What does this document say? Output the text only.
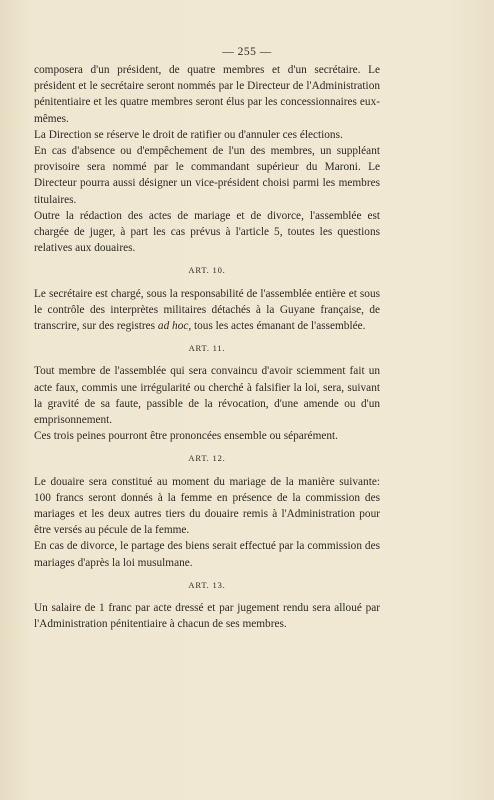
— 255 —

composera d'un président, de quatre membres et d'un secrétaire. Le président et le secrétaire seront nommés par le Directeur de l'Administration pénitentiaire et les quatre membres seront élus par les concessionnaires eux-mêmes.

La Direction se réserve le droit de ratifier ou d'annuler ces élections.

En cas d'absence ou d'empêchement de l'un des membres, un suppléant provisoire sera nommé par le commandant supérieur du Maroni. Le Directeur pourra aussi désigner un vice-président choisi parmi les membres titulaires.

Outre la rédaction des actes de mariage et de divorce, l'assemblée est chargée de juger, à part les cas prévus à l'article 5, toutes les questions relatives aux douaires.

ART. 10.

Le secrétaire est chargé, sous la responsabilité de l'assemblée entière et sous le contrôle des interprètes militaires détachés à la Guyane française, de transcrire, sur des registres ad hoc, tous les actes émanant de l'assemblée.

ART. 11.

Tout membre de l'assemblée qui sera convaincu d'avoir sciemment fait un acte faux, commis une irrégularité ou cherché à falsifier la loi, sera, suivant la gravité de sa faute, passible de la révocation, d'une amende ou d'un emprisonnement.

Ces trois peines pourront être prononcées ensemble ou séparément.

ART. 12.

Le douaire sera constitué au moment du mariage de la manière suivante: 100 francs seront donnés à la femme en présence de la commission des mariages et les deux autres tiers du douaire remis à l'Administration pour être versés au pécule de la femme.

En cas de divorce, le partage des biens serait effectué par la commission des mariages d'après la loi musulmane.

ART. 13.

Un salaire de 1 franc par acte dressé et par jugement rendu sera alloué par l'Administration pénitentiaire à chacun de ses membres.
